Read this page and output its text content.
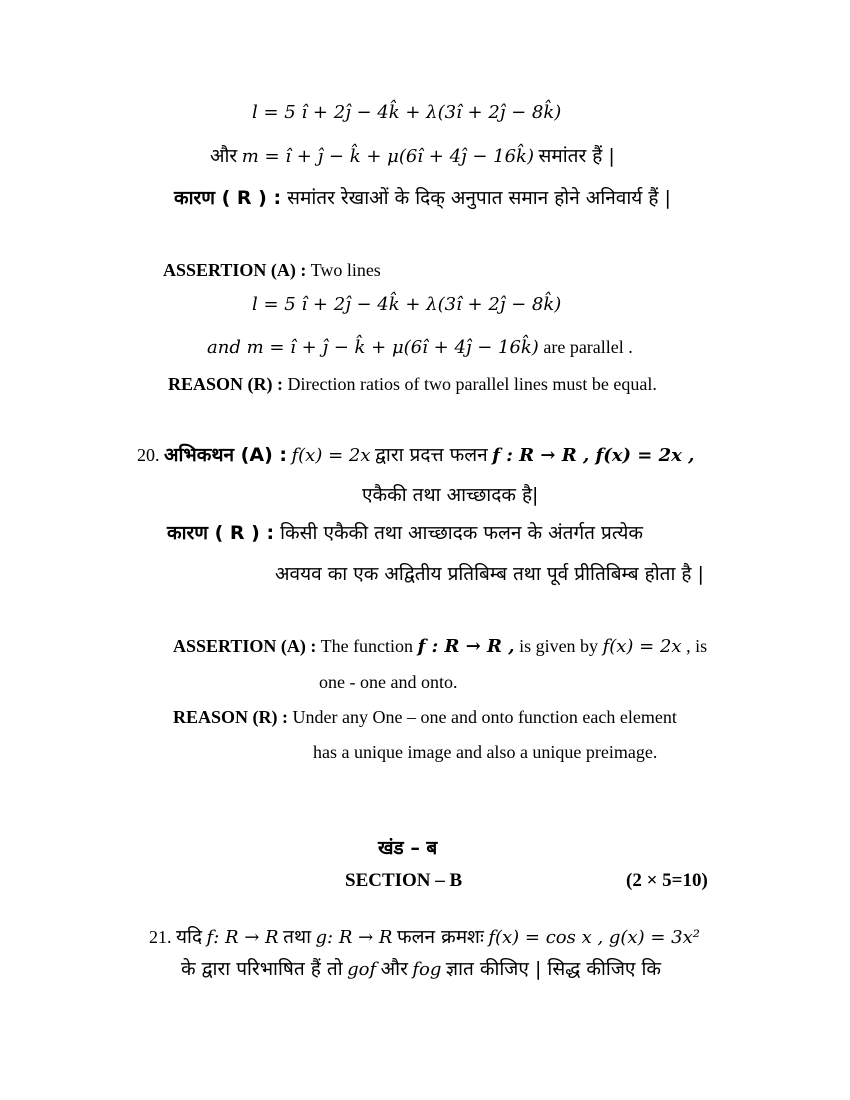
l = 5 î + 2ĵ − 4k̂ + λ(3î + 2ĵ − 8k̂)
और m = î + ĵ − k̂ + μ(6î + 4ĵ − 16k̂) समांतर हैं |
कारण ( R ) : समांतर रेखाओं के दिक् अनुपात समान होने अनिवार्य हैं |
ASSERTION (A) : Two lines
l = 5 î + 2ĵ − 4k̂ + λ(3î + 2ĵ − 8k̂)
and m = î + ĵ − k̂ + μ(6î + 4ĵ − 16k̂) are parallel .
REASON (R) : Direction ratios of two parallel lines must be equal.
20. अभिकथन (A) : f(x) = 2x द्वारा प्रदत्त फलन f : R → R , f(x) = 2x ,
एकैकी तथा आच्छादक है|
कारण ( R ) : किसी एकैकी तथा आच्छादक फलन के अंतर्गत प्रत्येक
अवयव का एक अद्वितीय प्रतिबिम्ब तथा पूर्व प्रीतिबिम्ब होता है |
ASSERTION (A) : The function f : R → R , is given by f(x) = 2x , is
one - one and onto.
REASON (R) : Under any One – one and onto function each element
has a unique image and also a unique preimage.
खंड – ब
SECTION – B	(2 × 5=10)
21. यदि f: R → R तथा g: R → R फलन क्रमशः f(x) = cos x , g(x) = 3x²
के द्वारा परिभाषित हैं तो gof और fog ज्ञात कीजिए | सिद्ध कीजिए कि
